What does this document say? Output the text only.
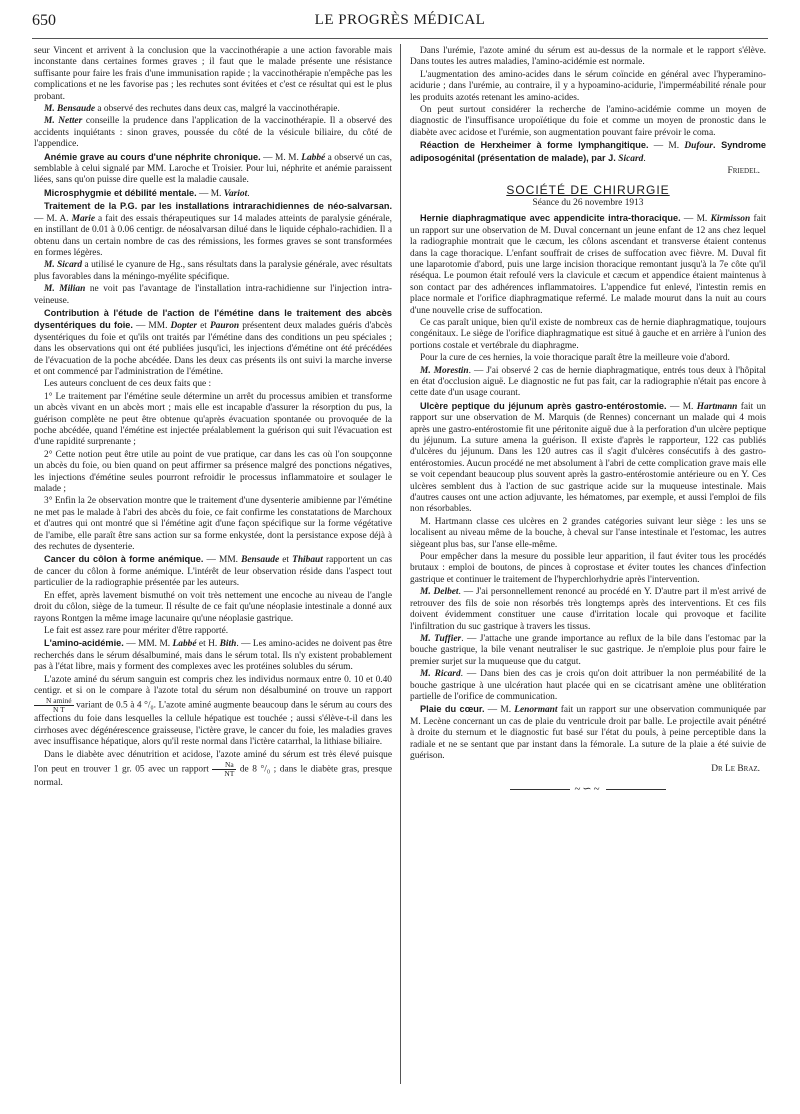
650	LE PROGRÈS MÉDICAL

seur Vincent et arrivent à la conclusion que la vaccinothérapie a une action favorable mais inconstante dans certaines formes graves ; il faut que le malade présente une résistance suffisante pour faire les frais d'une immunisation rapide ; la vaccinothérapie n'empêche pas les complications et ne les favorise pas ; les rechutes sont évitées et c'est ce résultat qui est le plus probant.

M. Bensaude a observé des rechutes dans deux cas, malgré la vaccinothérapie.

M. Netter conseille la prudence dans l'application de la vaccinothérapie. Il a observé des accidents inquiétants : sinon graves, poussée du côté de la vésicule biliaire, du côté de l'appendice.

Anémie grave au cours d'une néphrite chronique. — M. M. Labbé a observé un cas, semblable à celui signalé par MM. Laroche et Troisier. Pour lui, néphrite et anémie paraissent liées, sans qu'on puisse dire quelle est la maladie causale.

Microsphygmie et débilité mentale. — M. Variot.

Traitement de la P.G. par les installations intrarachidiennes de néo-salvarsan. — M. A. Marie a fait des essais thérapeutiques sur 14 malades atteints de paralysie générale, en instillant de 0.01 à 0.06 centigr. de néosalvarsan dilué dans le liquide céphalo-rachidien. Il a obtenu dans un certain nombre de cas des rémissions, les formes graves se sont transformées en formes légères.

M. Sicard a utilisé le cyanure de Hg., sans résultats dans la paralysie générale, avec résultats plus favorables dans la méningo-myélite spécifique.

M. Milian ne voit pas l'avantage de l'installation intra-rachidienne sur l'injection intra-veineuse.

Contribution à l'étude de l'action de l'émétine dans le traitement des abcès dysentériques du foie. — MM. Dopter et Pauron présentent deux malades guéris d'abcès dysentériques du foie et qu'ils ont traités par l'émétine dans des conditions un peu spéciales ; dans les observations qui ont été publiées jusqu'ici, les injections d'émétine ont été précédées de l'évacuation de la poche abcédée. Dans les deux cas présents ils ont suivi la marche inverse et ont commencé par l'administration de l'émétine.

Les auteurs concluent de ces deux faits que :

1° Le traitement par l'émétine seule détermine un arrêt du processus amibien et transforme un abcès vivant en un abcès mort ; mais elle est incapable d'assurer la résorption du pus, la guérison complète ne peut être obtenue qu'après évacuation spontanée ou provoquée de la poche abcédée, quand l'émétine est injectée préalablement la guérison qui suit l'évacuation est d'une rapidité surprenante ;

2° Cette notion peut être utile au point de vue pratique, car dans les cas où l'on soupçonne un abcès du foie, ou bien quand on peut affirmer sa présence malgré des ponctions négatives, les injections d'émétine seules pourront refroidir le processus inflammatoire et soulager le malade ;

3° Enfin la 2e observation montre que le traitement d'une dysenterie amibienne par l'émétine ne met pas le malade à l'abri des abcès du foie, ce fait confirme les constatations de Marchoux et d'autres qui ont montré que si l'émétine agit d'une façon spécifique sur la forme végétative de l'amibe, elle paraît être sans action sur sa forme enkystée, dont la persistance expose déjà à des rechutes de dysenterie.

Cancer du côlon à forme anémique. — MM. Bensaude et Thibaut rapportent un cas de cancer du côlon à forme anémique. L'intérêt de leur observation réside dans l'aspect tout particulier de la radiographie présentée par les auteurs.

En effet, après lavement bismuthé on voit très nettement une encoche au niveau de l'angle droit du côlon, siège de la tumeur. Il résulte de ce fait qu'une néoplasie intestinale a donné aux rayons Rontgen la même image lacunaire qu'une néoplasie gastrique.

Le fait est assez rare pour mériter d'être rapporté.

L'amino-acidémie. — MM. M. Labbé et H. Bith. — Les amino-acides ne doivent pas être recherchés dans le sérum désalbuminé, mais dans le sérum total. Ils n'y existent probablement pas à l'état libre, mais y forment des complexes avec les protéines solubles du sérum.

L'azote aminé du sérum sanguin est compris chez les individus normaux entre 0. 10 et 0.40 centigr. et si on le compare à l'azote total du sérum non désalbuminé on trouve un rapport
$\frac{\text{N aminé}}{\text{N T}}$ variant de 0.5 à 4 °/₀. L'azote aminé augmente beaucoup dans le sérum au cours des affections du foie dans lesquelles la cellule hépatique est touchée ; aussi s'élève-t-il dans les cirrhoses avec dégénérescence graisseuse, l'ictère grave, le cancer du foie, les maladies graves avec insuffisance hépatique, alors qu'il reste normal dans l'ictère catarrhal, la lithiase biliaire.

Dans le diabète avec dénutrition et acidose, l'azote aminé du sérum est très élevé puisque l'on peut en trouver 1 gr. 05 avec un rapport $\frac{Na}{NT}$ de 8 °/₀ ; dans le diabète gras, presque normal.

Dans l'urémie, l'azote aminé du sérum est au-dessus de la normale et le rapport s'élève. Dans toutes les autres maladies, l'amino-acidémie est normale.

L'augmentation des amino-acides dans le sérum coïncide en général avec l'hyperamino-acidurie ; dans l'urémie, au contraire, il y a hypoamino-acidurie, l'imperméabilité rénale pour les produits azotés retenant les amino-acides.

On peut surtout considérer la recherche de l'amino-acidémie comme un moyen de diagnostic de l'insuffisance uropoïétique du foie et comme un moyen de pronostic dans le diabète avec acidose et l'urémie, son augmentation pouvant faire prévoir le coma.

Réaction de Herxheimer à forme lymphangitique. — M. Dufour. Syndrome adiposogénital (présentation de malade), par J. Sicard.

Friedel.
SOCIÉTÉ DE CHIRURGIE
Séance du 26 novembre 1913

Hernie diaphragmatique avec appendicite intra-thoracique. — M. Kirmisson fait un rapport sur une observation de M. Duval concernant un jeune enfant de 12 ans chez lequel la radiographie montrait que le cæcum, les côlons ascendant et transverse étaient contenus dans la cage thoracique. L'enfant souffrait de crises de suffocation avec fièvre. M. Duval fit une laparotomie d'abord, puis une large incision thoracique remontant jusqu'à la 7e côte qu'il réséqua. Le poumon était refoulé vers la clavicule et cæcum et appendice étaient maintenus à son contact par des adhérences inflammatoires. L'appendice fut enlevé, l'intestin remis en place normale et l'orifice diaphragmatique refermé. Le malade mourut dans la nuit au cours d'une nouvelle crise de suffocation.

Ce cas paraît unique, bien qu'il existe de nombreux cas de hernie diaphragmatique, toujours congénitaux. Le siège de l'orifice diaphragmatique est situé à gauche et en arrière à l'union des portions costale et vertébrale du diaphragme.

Pour la cure de ces hernies, la voie thoracique paraît être la meilleure voie d'abord.

M. Morestin. — J'ai observé 2 cas de hernie diaphragmatique, entrés tous deux à l'hôpital en état d'occlusion aiguë. Le diagnostic ne fut pas fait, car la radiographie n'était pas encore à cette date d'un usage courant.

Ulcère peptique du jéjunum après gastro-entérostomie. — M. Hartmann fait un rapport sur une observation de M. Marquis (de Rennes) concernant un malade qui 4 mois après une gastro-entérostomie fit une péritonite aiguë due à la perforation d'un ulcère peptique du jéjunum. La suture amena la guérison. Il existe d'après le rapporteur, 122 cas publiés d'ulcères du jéjunum. Dans les 120 autres cas il s'agit d'ulcères consécutifs à des gastro-entérostomies. Aucun procédé ne met absolument à l'abri de cette complication grave mais elle se voit cependant beaucoup plus souvent après la gastro-entérostomie antérieure ou en Y. Ces ulcères semblent dus à l'action de suc gastrique acide sur la muqueuse intestinale. Mais d'autres causes ont une action adjuvante, les hématomes, par exemple, et aussi l'emploi de fils non résorbables.

M. Hartmann classe ces ulcères en 2 grandes catégories suivant leur siège : les uns se localisent au niveau même de la bouche, à cheval sur l'anse intestinale et l'estomac, les autres siègeant plus bas, sur l'anse elle-même.

Pour empêcher dans la mesure du possible leur apparition, il faut éviter tous les procédés brutaux : emploi de boutons, de pinces à coprostase et éviter toutes les chances d'infection gastrique et continuer le traitement de l'hyperchlorhydrie après l'intervention.

M. Delbet. — J'ai personnellement renoncé au procédé en Y. D'autre part il m'est arrivé de retrouver des fils de soie non résorbés très longtemps après des interventions. Et ces fils doivent évidemment constituer une cause d'irritation locale qui provoque et facilite l'infiltration du suc gastrique à travers les tissus.

M. Tuffier. — J'attache une grande importance au reflux de la bile dans l'estomac par la bouche gastrique, la bile venant neutraliser le suc gastrique. Je n'emploie plus pour faire le premier surjet sur la muqueuse que du catgut.

M. Ricard. — Dans bien des cas je crois qu'on doit attribuer la non perméabilité de la bouche gastrique à une ulcération haut placée qui en se cicatrisant amène une oblitération partielle de l'orifice de communication.

Plaie du cœur. — M. Lenormant fait un rapport sur une observation communiquée par M. Lecène concernant un cas de plaie du ventricule droit par balle. Le projectile avait pénétré à droite du sternum et le diagnostic fut basé sur l'état du pouls, à peine perceptible dans la radiale et ne se sentant que par instant dans la fémorale. La suture de la plaie a été suivie de guérison.

Dr Le Braz.
~∽~
